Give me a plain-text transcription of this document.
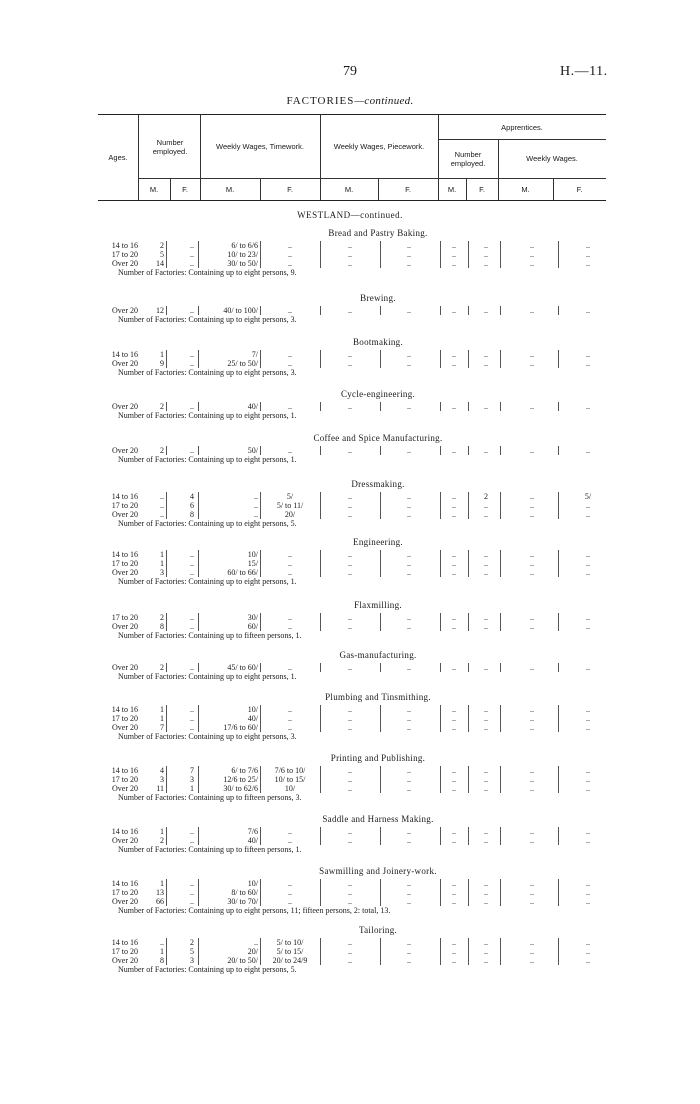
79	H.—11.
FACTORIES—continued.
Ages.
Number employed.	Weekly Wages, Timework.	Weekly Wages, Piecework.
Apprentices.
Number employed.	Weekly Wages.
M.	F.	M.	F.	M.	F.	M.	F.	M.	F.
WESTLAND—continued.
Bread and Pastry Baking.
14 to 16	2	..	6/ to 6/6	..	..	..	..	..	..	..
17 to 20	5	..	10/ to 23/	..	..	..	..	..	..	..
Over 20	14	..	30/ to 50/	..	..	..	..	..	..	..
Number of Factories: Containing up to eight persons, 9.
Brewing.
Over 20	12	..	40/ to 100/	..	..	..	..	..	..	..
Number of Factories: Containing up to eight persons, 3.
Bootmaking.
14 to 16	1	..	7/	..	..	..	..	..	..	..
Over 20	9	..	25/ to 50/	..	..	..	..	..	..	..
Number of Factories: Containing up to eight persons, 3.
Cycle-engineering.
Over 20	2	..	40/	..	..	..	..	..	..	..
Number of Factories: Containing up to eight persons, 1.
Coffee and Spice Manufacturing.
Over 20	2	..	50/	..	..	..	..	..	..	..
Number of Factories: Containing up to eight persons, 1.
Dressmaking.
14 to 16	..	4	..	5/	..	..	..	2	..	5/
17 to 20	..	6	..	5/ to 11/	..	..	..	..	..	..
Over 20	..	8	..	20/	..	..	..	..	..	..
Number of Factories: Containing up to eight persons, 5.
Engineering.
14 to 16	1	..	10/	..	..	..	..	..	..	..
17 to 20	1	..	15/	..	..	..	..	..	..	..
Over 20	3	..	60/ to 66/	..	..	..	..	..	..	..
Number of Factories: Containing up to eight persons, 1.
Flaxmilling.
17 to 20	2	..	30/	..	..	..	..	..	..	..
Over 20	8	..	60/	..	..	..	..	..	..	..
Number of Factories: Containing up to fifteen persons, 1.
Gas-manufacturing.
Over 20	2	..	45/ to 60/	..	..	..	..	..	..	..
Number of Factories: Containing up to eight persons, 1.
Plumbing and Tinsmithing.
14 to 16	1	..	10/	..	..	..	..	..	..	..
17 to 20	1	..	40/	..	..	..	..	..	..	..
Over 20	7	..	17/6 to 60/	..	..	..	..	..	..	..
Number of Factories: Containing up to eight persons, 3.
Printing and Publishing.
14 to 16	4	7	6/ to 7/6	7/6 to 10/	..	..	..	..	..	..
17 to 20	3	3	12/6 to 25/	10/ to 15/	..	..	..	..	..	..
Over 20	11	1	30/ to 62/6	10/	..	..	..	..	..	..
Number of Factories: Containing up to fifteen persons, 3.
Saddle and Harness Making.
14 to 16	1	..	7/6	..	..	..	..	..	..	..
Over 20	2	..	40/	..	..	..	..	..	..	..
Number of Factories: Containing up to fifteen persons, 1.
Sawmilling and Joinery-work.
14 to 16	1	..	10/	..	..	..	..	..	..	..
17 to 20	13	..	8/ to 60/	..	..	..	..	..	..	..
Over 20	66	..	30/ to 70/	..	..	..	..	..	..	..
Number of Factories: Containing up to eight persons, 11; fifteen persons, 2: total, 13.
Tailoring.
14 to 16	..	2	..	5/ to 10/	..	..	..	..	..	..
17 to 20	1	5	20/	5/ to 15/	..	..	..	..	..	..
Over 20	8	3	20/ to 50/	20/ to 24/9	..	..	..	..	..	..
Number of Factories: Containing up to eight persons, 5.
